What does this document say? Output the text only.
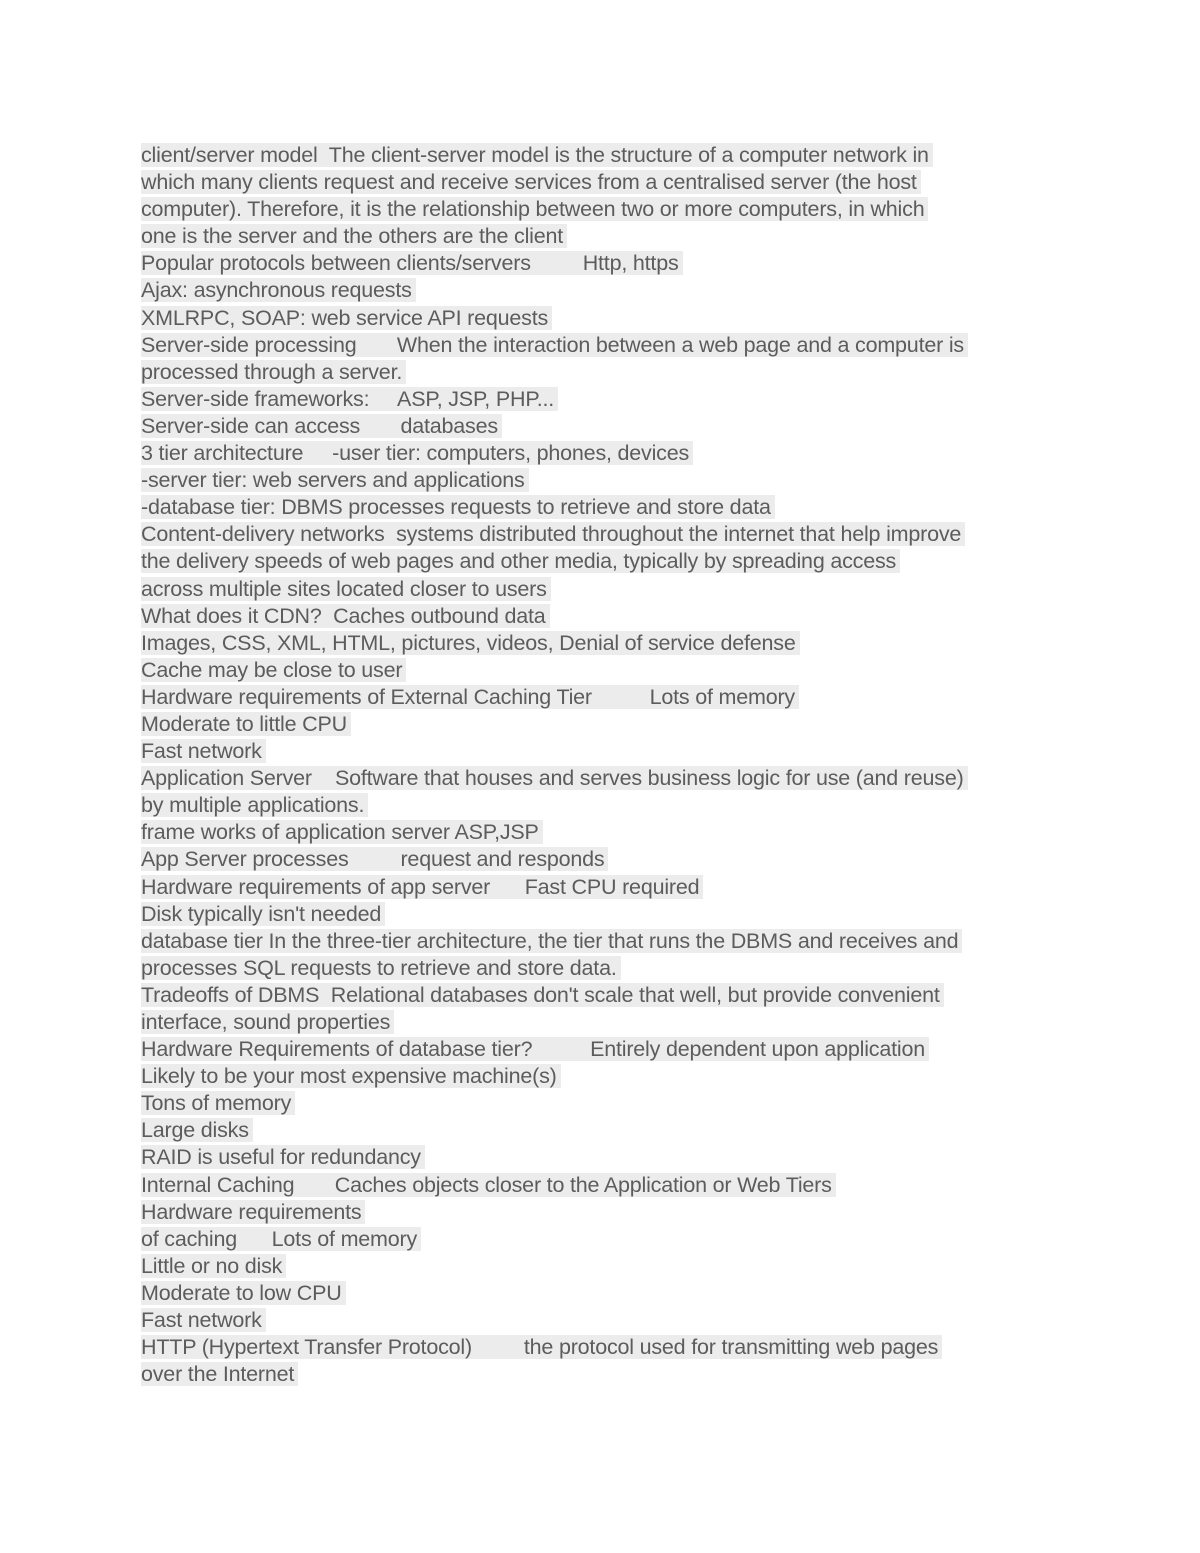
client/server model  The client-server model is the structure of a computer network in
which many clients request and receive services from a centralised server (the host
computer). Therefore, it is the relationship between two or more computers, in which
one is the server and the others are the client
Popular protocols between clients/servers         Http, https
Ajax: asynchronous requests
XMLRPC, SOAP: web service API requests
Server-side processing       When the interaction between a web page and a computer is
processed through a server.
Server-side frameworks:     ASP, JSP, PHP...
Server-side can access       databases
3 tier architecture     -user tier: computers, phones, devices
-server tier: web servers and applications
-database tier: DBMS processes requests to retrieve and store data
Content-delivery networks  systems distributed throughout the internet that help improve
the delivery speeds of web pages and other media, typically by spreading access
across multiple sites located closer to users
What does it CDN?  Caches outbound data
Images, CSS, XML, HTML, pictures, videos, Denial of service defense
Cache may be close to user
Hardware requirements of External Caching Tier          Lots of memory
Moderate to little CPU
Fast network
Application Server    Software that houses and serves business logic for use (and reuse)
by multiple applications.
frame works of application server ASP,JSP
App Server processes         request and responds
Hardware requirements of app server      Fast CPU required
Disk typically isn't needed
database tier In the three-tier architecture, the tier that runs the DBMS and receives and
processes SQL requests to retrieve and store data.
Tradeoffs of DBMS  Relational databases don't scale that well, but provide convenient
interface, sound properties
Hardware Requirements of database tier?          Entirely dependent upon application
Likely to be your most expensive machine(s)
Tons of memory
Large disks
RAID is useful for redundancy
Internal Caching       Caches objects closer to the Application or Web Tiers
Hardware requirements
of caching      Lots of memory
Little or no disk
Moderate to low CPU
Fast network
HTTP (Hypertext Transfer Protocol)         the protocol used for transmitting web pages
over the Internet
